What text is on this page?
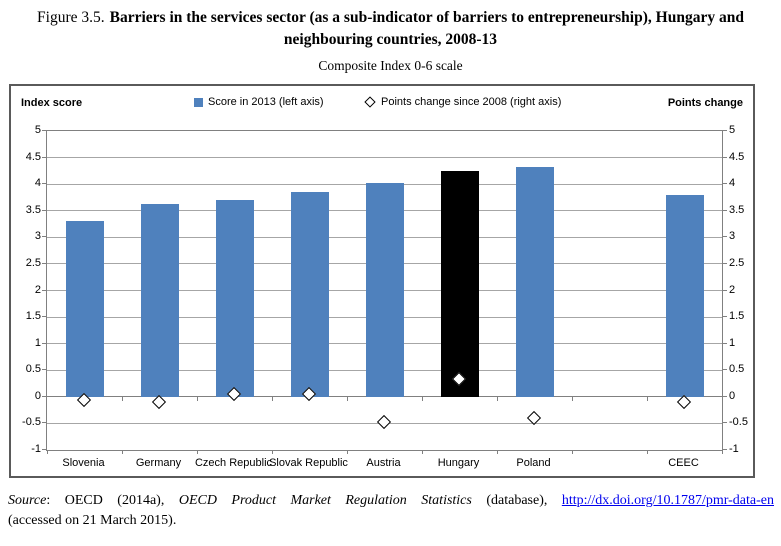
Figure 3.5. Barriers in the services sector (as a sub-indicator of barriers to entrepreneurship), Hungary and neighbouring countries, 2008-13
Composite Index 0-6 scale
Index score	Points change
Score in 2013 (left axis)	Points change since 2008 (right axis)
5	5
4.5	4.5
4	4
3.5	3.5
3	3
2.5	2.5
2	2
1.5	1.5
1	1
0.5	0.5
0	0
-0.5	-0.5
-1	-1
Slovenia	Germany Czech Republic
Slovak Republic Austria	Hungary	Poland	CEEC
Source: OECD (2014a), OECD Product Market Regulation Statistics (database), http://dx.doi.org/10.1787/pmr-data-en
(accessed on 21 March 2015).
